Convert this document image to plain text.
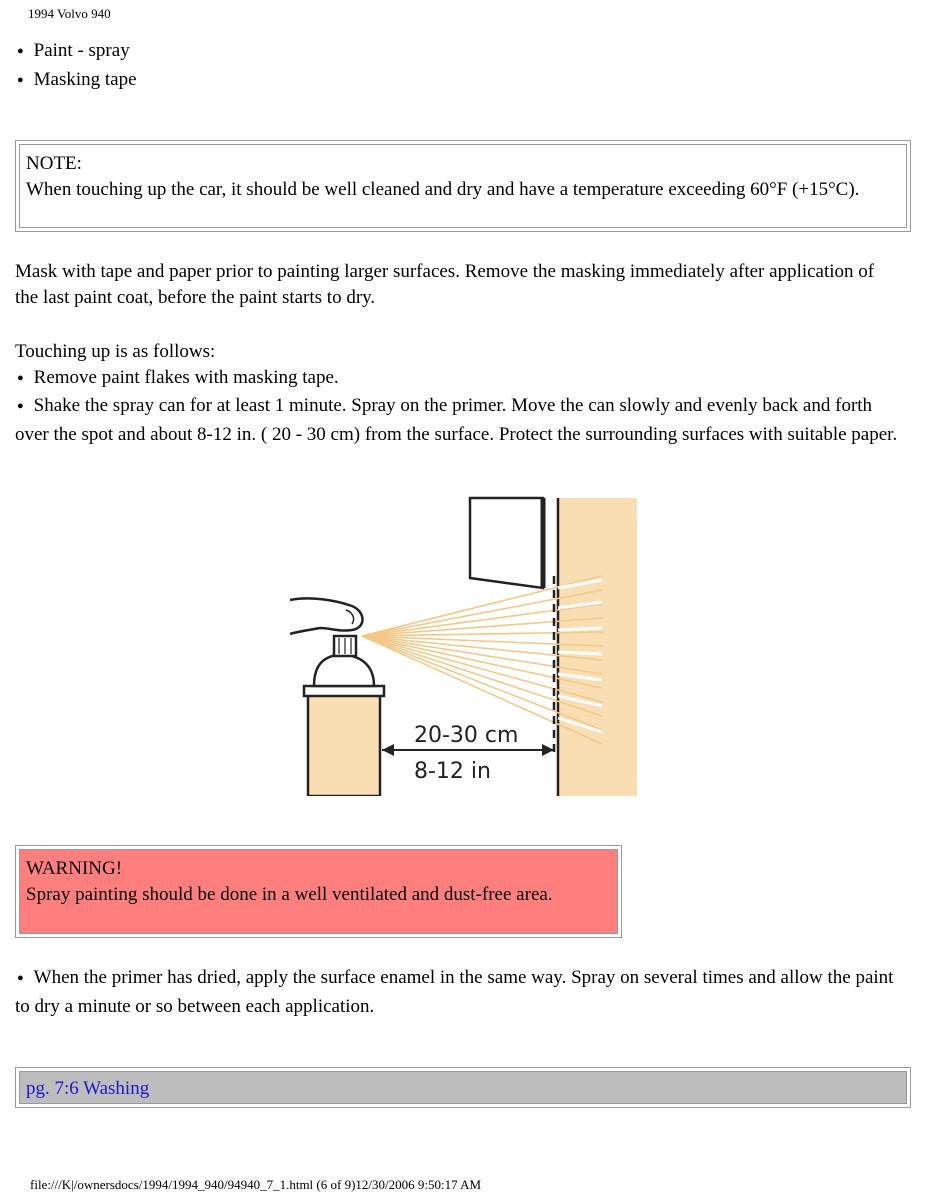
1994 Volvo 940

● Paint - spray

● Masking tape

NOTE:
When touching up the car, it should be well cleaned and dry and have a temperature exceeding 60°F (+15°C).

Mask with tape and paper prior to painting larger surfaces. Remove the masking immediately after application of the last paint coat, before the paint starts to dry.

Touching up is as follows:

● Remove paint flakes with masking tape.

● Shake the spray can for at least 1 minute. Spray on the primer. Move the can slowly and evenly back and forth over the spot and about 8-12 in. ( 20 - 30 cm) from the surface. Protect the surrounding surfaces with suitable paper.

20-30 cm
8-12 in
WARNING!
Spray painting should be done in a well ventilated and dust-free area.

● When the primer has dried, apply the surface enamel in the same way. Spray on several times and allow the paint to dry a minute or so between each application.

pg. 7:6 Washing
file:///K|/ownersdocs/1994/1994_940/94940_7_1.html (6 of 9)12/30/2006 9:50:17 AM
